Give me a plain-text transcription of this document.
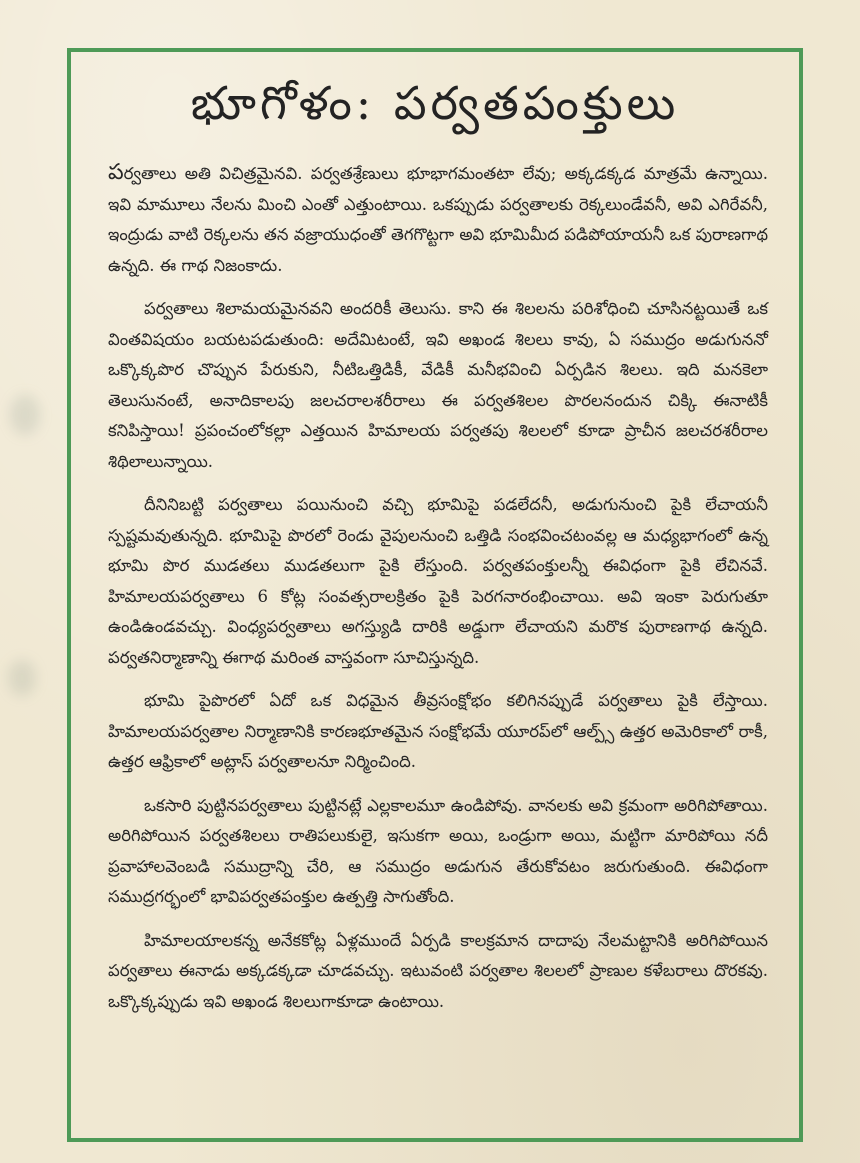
భూగోళం: పర్వతపంక్తులు

పర్వతాలు అతి విచిత్రమైనవి. పర్వతశ్రేణులు భూభాగమంతటా లేవు; అక్కడక్కడ మాత్రమే ఉన్నాయి. ఇవి మామూలు నేలను మించి ఎంతో ఎత్తుంటాయి. ఒకప్పుడు పర్వతాలకు రెక్కలుండేవనీ, అవి ఎగిరేవనీ, ఇంద్రుడు వాటి రెక్కలను తన వజ్రాయుధంతో తెగగొట్టగా అవి భూమిమీద పడిపోయాయనీ ఒక పురాణగాథ ఉన్నది. ఈ గాథ నిజంకాదు.

పర్వతాలు శిలామయమైనవని అందరికీ తెలుసు. కాని ఈ శిలలను పరిశోధించి చూసినట్టయితే ఒక వింతవిషయం బయటపడుతుంది: అదేమిటంటే, ఇవి అఖండ శిలలు కావు, ఏ సముద్రం అడుగుననో ఒక్కొక్కపొర చొప్పున పేరుకుని, నీటిఒత్తిడికీ, వేడికీ మనీభవించి ఏర్పడిన శిలలు. ఇది మనకెలా తెలుసునంటే, అనాదికాలపు జలచరాలశరీరాలు ఈ పర్వతశిలల పొరలనందున చిక్కి ఈనాటికీ కనిపిస్తాయి! ప్రపంచంలోకల్లా ఎత్తయిన హిమాలయ పర్వతపు శిలలలో కూడా ప్రాచీన జలచరశరీరాల శిథిలాలున్నాయి.

దీనినిబట్టి పర్వతాలు పయినుంచి వచ్చి భూమిపై పడలేదనీ, అడుగునుంచి పైకి లేచాయనీ స్పష్టమవుతున్నది. భూమిపై పొరలో రెండు వైపులనుంచి ఒత్తిడి సంభవించటంవల్ల ఆ మధ్యభాగంలో ఉన్న భూమి పొర ముడతలు ముడతలుగా పైకి లేస్తుంది. పర్వతపంక్తులన్నీ ఈవిధంగా పైకి లేచినవే. హిమాలయపర్వతాలు 6 కోట్ల సంవత్సరాలక్రితం పైకి పెరగనారంభించాయి. అవి ఇంకా పెరుగుతూ ఉండిఉండవచ్చు. వింధ్యపర్వతాలు అగస్త్యుడి దారికి అడ్డుగా లేచాయని మరొక పురాణగాథ ఉన్నది. పర్వతనిర్మాణాన్ని ఈగాథ మరింత వాస్తవంగా సూచిస్తున్నది.

భూమి పైపొరలో ఏదో ఒక విధమైన తీవ్రసంక్షోభం కలిగినప్పుడే పర్వతాలు పైకి లేస్తాయి. హిమాలయపర్వతాల నిర్మాణానికి కారణభూతమైన సంక్షోభమే యూరప్‌లో ఆల్ప్స్ ఉత్తర అమెరికాలో రాకీ, ఉత్తర ఆఫ్రికాలో అట్లాస్ పర్వతాలనూ నిర్మించింది.

ఒకసారి పుట్టినపర్వతాలు పుట్టినట్లే ఎల్లకాలమూ ఉండిపోవు. వానలకు అవి క్రమంగా అరిగిపోతాయి. అరిగిపోయిన పర్వతశిలలు రాతిపలుకులై, ఇసుకగా అయి, ఒండ్రుగా అయి, మట్టిగా మారిపోయి నదీ ప్రవాహాలవెంబడి సముద్రాన్ని చేరి, ఆ సముద్రం అడుగున తేరుకోవటం జరుగుతుంది. ఈవిధంగా సముద్రగర్భంలో భావిపర్వతపంక్తుల ఉత్పత్తి సాగుతోంది.

హిమాలయాలకన్న అనేకకోట్ల ఏళ్లముందే ఏర్పడి కాలక్రమాన దాదాపు నేలమట్టానికి అరిగిపోయిన పర్వతాలు ఈనాడు అక్కడక్కడా చూడవచ్చు. ఇటువంటి పర్వతాల శిలలలో ప్రాణుల కళేబరాలు దొరకవు. ఒక్కొక్కప్పుడు ఇవి అఖండ శిలలుగాకూడా ఉంటాయి.
